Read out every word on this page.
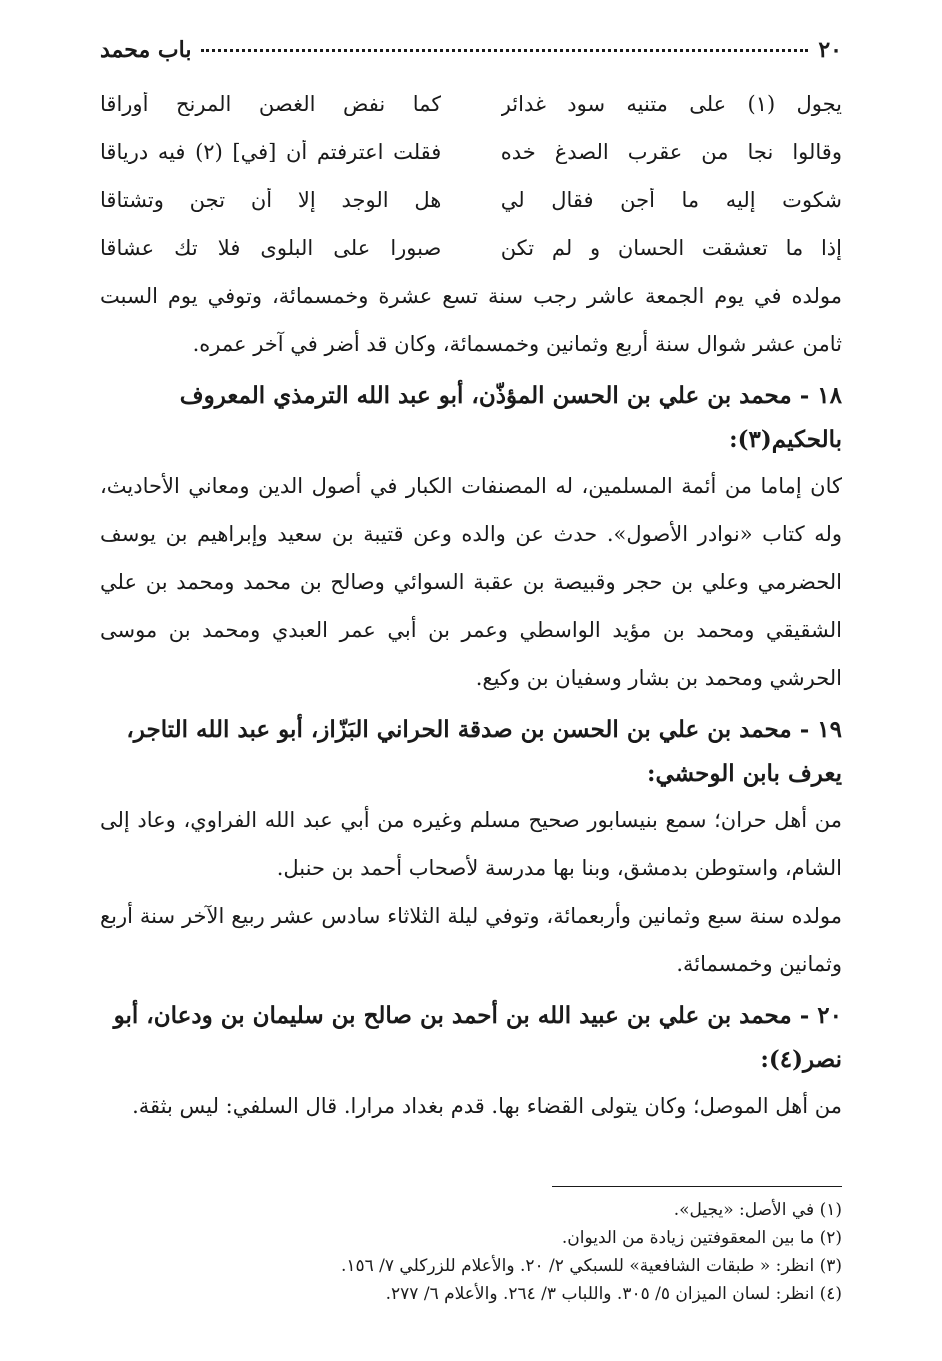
٢٠
باب محمد
يجول (١) على متنيه سود غدائر
كما نفض الغصن المرنح أوراقا
وقالوا نجا من عقرب الصدغ خده
فقلت اعترفتم أن [في] (٢) فيه درياقا
شكوت إليه ما أجن فقال لي
هل الوجد إلا أن تجن وتشتاقا
إذا ما تعشقت الحسان و لم تكن
صبورا على البلوى فلا تك عشاقا

مولده في يوم الجمعة عاشر رجب سنة تسع عشرة وخمسمائة، وتوفي يوم السبت ثامن عشر شوال سنة أربع وثمانين وخمسمائة، وكان قد أضر في آخر عمره.

١٨ - محمد بن علي بن الحسن المؤذّن، أبو عبد الله الترمذي المعروف بالحكيم(٣):

كان إماما من أئمة المسلمين، له المصنفات الكبار في أصول الدين ومعاني الأحاديث، وله كتاب «نوادر الأصول». حدث عن والده وعن قتيبة بن سعيد وإبراهيم بن يوسف الحضرمي وعلي بن حجر وقبيصة بن عقبة السوائي وصالح بن محمد ومحمد بن علي الشقيقي ومحمد بن مؤيد الواسطي وعمر بن أبي عمر العبدي ومحمد بن موسى الحرشي ومحمد بن بشار وسفيان بن وكيع.

١٩ - محمد بن علي بن الحسن بن صدقة الحراني البَزّاز، أبو عبد الله التاجر، يعرف بابن الوحشي:

من أهل حران؛ سمع بنيسابور صحيح مسلم وغيره من أبي عبد الله الفراوي، وعاد إلى الشام، واستوطن بدمشق، وبنا بها مدرسة لأصحاب أحمد بن حنبل.

مولده سنة سبع وثمانين وأربعمائة، وتوفي ليلة الثلاثاء سادس عشر ربيع الآخر سنة أربع وثمانين وخمسمائة.

٢٠ - محمد بن علي بن عبيد الله بن أحمد بن صالح بن سليمان بن ودعان، أبو نصر(٤):

من أهل الموصل؛ وكان يتولى القضاء بها. قدم بغداد مرارا. قال السلفي: ليس بثقة.

(١) في الأصل: «يجيل».
(٢) ما بين المعقوفتين زيادة من الديوان.
(٣) انظر: « طبقات الشافعية» للسبكي ٢/ ٢٠. والأعلام للزركلي ٧/ ١٥٦.
(٤) انظر: لسان الميزان ٥/ ٣٠٥. واللباب ٣/ ٢٦٤. والأعلام ٦/ ٢٧٧.
